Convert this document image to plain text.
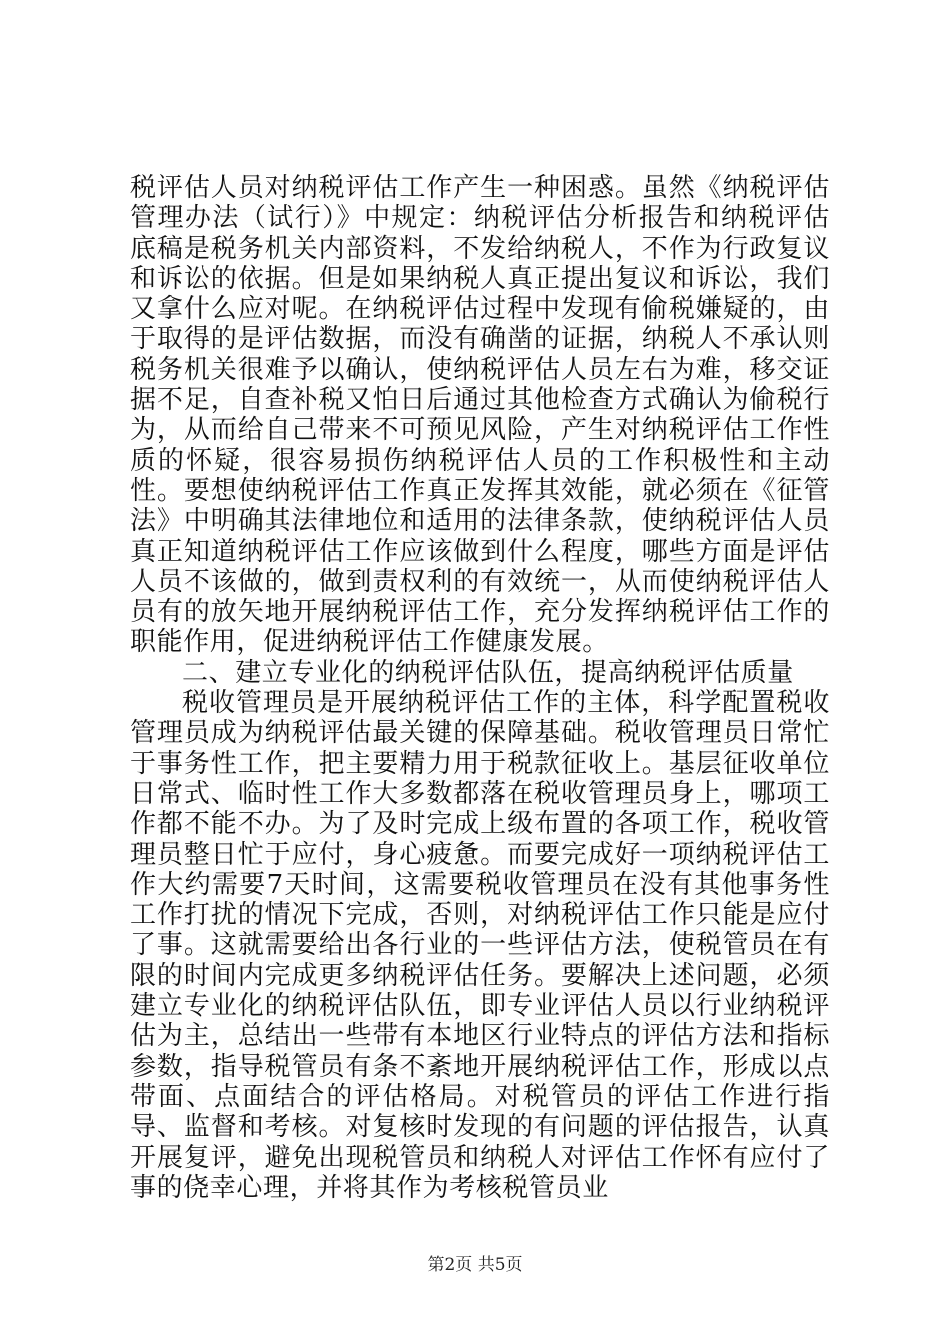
税评估人员对纳税评估工作产生一种困惑。虽然《纳税评估管理办法（试行）》中规定：纳税评估分析报告和纳税评估底稿是税务机关内部资料，不发给纳税人，不作为行政复议和诉讼的依据。但是如果纳税人真正提出复议和诉讼，我们又拿什么应对呢。在纳税评估过程中发现有偷税嫌疑的，由于取得的是评估数据，而没有确凿的证据，纳税人不承认则税务机关很难予以确认，使纳税评估人员左右为难，移交证据不足，自查补税又怕日后通过其他检查方式确认为偷税行为，从而给自己带来不可预见风险，产生对纳税评估工作性质的怀疑，很容易损伤纳税评估人员的工作积极性和主动性。要想使纳税评估工作真正发挥其效能，就必须在《征管法》中明确其法律地位和适用的法律条款，使纳税评估人员真正知道纳税评估工作应该做到什么程度，哪些方面是评估人员不该做的，做到责权利的有效统一，从而使纳税评估人员有的放矢地开展纳税评估工作，充分发挥纳税评估工作的职能作用，促进纳税评估工作健康发展。

二、建立专业化的纳税评估队伍，提高纳税评估质量

税收管理员是开展纳税评估工作的主体，科学配置税收管理员成为纳税评估最关键的保障基础。税收管理员日常忙于事务性工作，把主要精力用于税款征收上。基层征收单位日常式、临时性工作大多数都落在税收管理员身上，哪项工作都不能不办。为了及时完成上级布置的各项工作，税收管理员整日忙于应付，身心疲惫。而要完成好一项纳税评估工作大约需要7天时间，这需要税收管理员在没有其他事务性工作打扰的情况下完成，否则，对纳税评估工作只能是应付了事。这就需要给出各行业的一些评估方法，使税管员在有限的时间内完成更多纳税评估任务。要解决上述问题，必须建立专业化的纳税评估队伍，即专业评估人员以行业纳税评估为主，总结出一些带有本地区行业特点的评估方法和指标参数，指导税管员有条不紊地开展纳税评估工作，形成以点带面、点面结合的评估格局。对税管员的评估工作进行指导、监督和考核。对复核时发现的有问题的评估报告，认真开展复评，避免出现税管员和纳税人对评估工作怀有应付了事的侥幸心理，并将其作为考核税管员业

第2页 共5页
